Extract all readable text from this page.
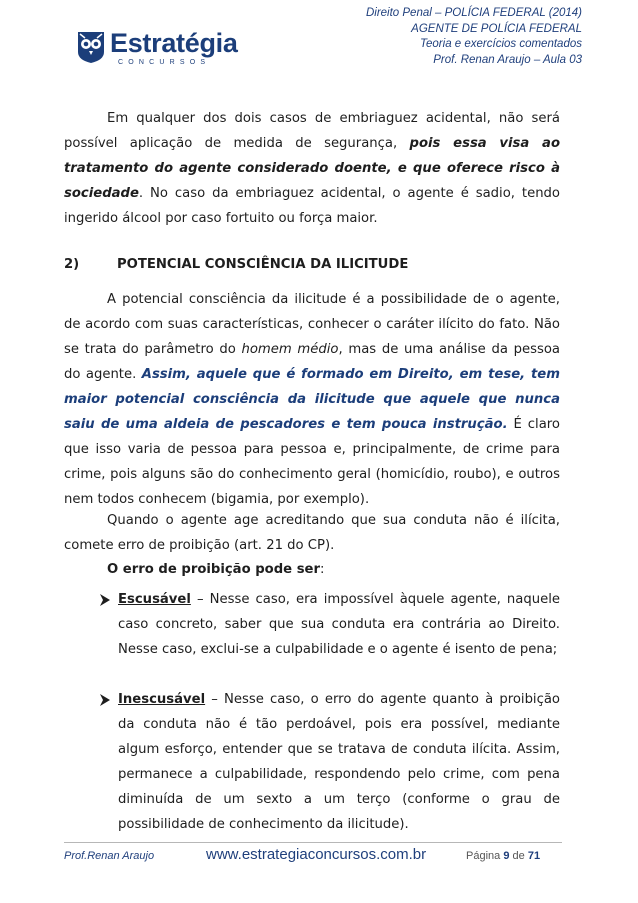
Estratégia
CONCURSOS
Direito Penal – POLÍCIA FEDERAL (2014)
AGENTE DE POLÍCIA FEDERAL
Teoria e exercícios comentados
Prof. Renan Araujo – Aula 03
Em qualquer dos dois casos de embriaguez acidental, não será possível aplicação de medida de segurança, pois essa visa ao tratamento do agente considerado doente, e que oferece risco à sociedade. No caso da embriaguez acidental, o agente é sadio, tendo ingerido álcool por caso fortuito ou força maior.
2)	POTENCIAL CONSCIÊNCIA DA ILICITUDE
A potencial consciência da ilicitude é a possibilidade de o agente, de acordo com suas características, conhecer o caráter ilícito do fato. Não se trata do parâmetro do homem médio, mas de uma análise da pessoa do agente. Assim, aquele que é formado em Direito, em tese, tem maior potencial consciência da ilicitude que aquele que nunca saiu de uma aldeia de pescadores e tem pouca instrução. É claro que isso varia de pessoa para pessoa e, principalmente, de crime para crime, pois alguns são do conhecimento geral (homicídio, roubo), e outros nem todos conhecem (bigamia, por exemplo).
Quando o agente age acreditando que sua conduta não é ilícita, comete erro de proibição (art. 21 do CP).
O erro de proibição pode ser:
Escusável – Nesse caso, era impossível àquele agente, naquele caso concreto, saber que sua conduta era contrária ao Direito. Nesse caso, exclui-se a culpabilidade e o agente é isento de pena;
Inescusável – Nesse caso, o erro do agente quanto à proibição da conduta não é tão perdoável, pois era possível, mediante algum esforço, entender que se tratava de conduta ilícita. Assim, permanece a culpabilidade, respondendo pelo crime, com pena diminuída de um sexto a um terço (conforme o grau de possibilidade de conhecimento da ilicitude).
Prof.Renan Araujo	www.estrategiaconcursos.com.br	Página 9 de 71
